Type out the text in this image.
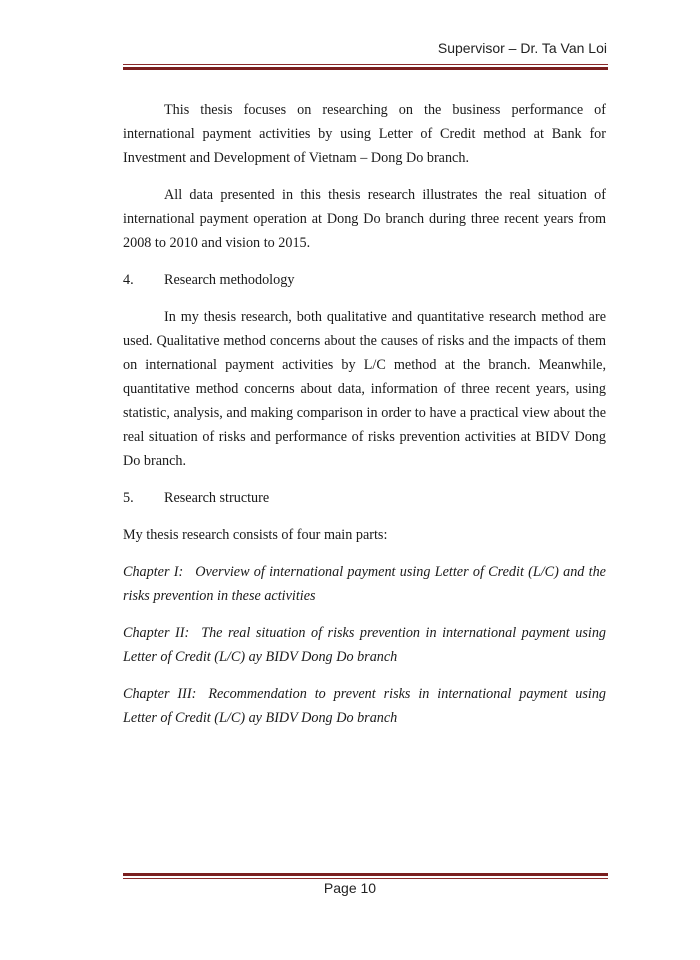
Supervisor – Dr. Ta Van Loi

This thesis focuses on researching on the business performance of international payment activities by using Letter of Credit method at Bank for Investment and Development of Vietnam – Dong Do branch.

All data presented in this thesis research illustrates the real situation of international payment operation at Dong Do branch during three recent years from 2008 to 2010 and vision to 2015.

4.	Research methodology

In my thesis research, both qualitative and quantitative research method are used. Qualitative method concerns about the causes of risks and the impacts of them on international payment activities by L/C method at the branch. Meanwhile, quantitative method concerns about data, information of three recent years, using statistic, analysis, and making comparison in order to have a practical view about the real situation of risks and performance of risks prevention activities at BIDV Dong Do branch.

5.	Research structure

My thesis research consists of four main parts:

Chapter I: Overview of international payment using Letter of Credit (L/C) and the risks prevention in these activities

Chapter II: The real situation of risks prevention in international payment using Letter of Credit (L/C) ay BIDV Dong Do branch

Chapter III: Recommendation to prevent risks in international payment using Letter of Credit (L/C) ay BIDV Dong Do branch

Page 10
